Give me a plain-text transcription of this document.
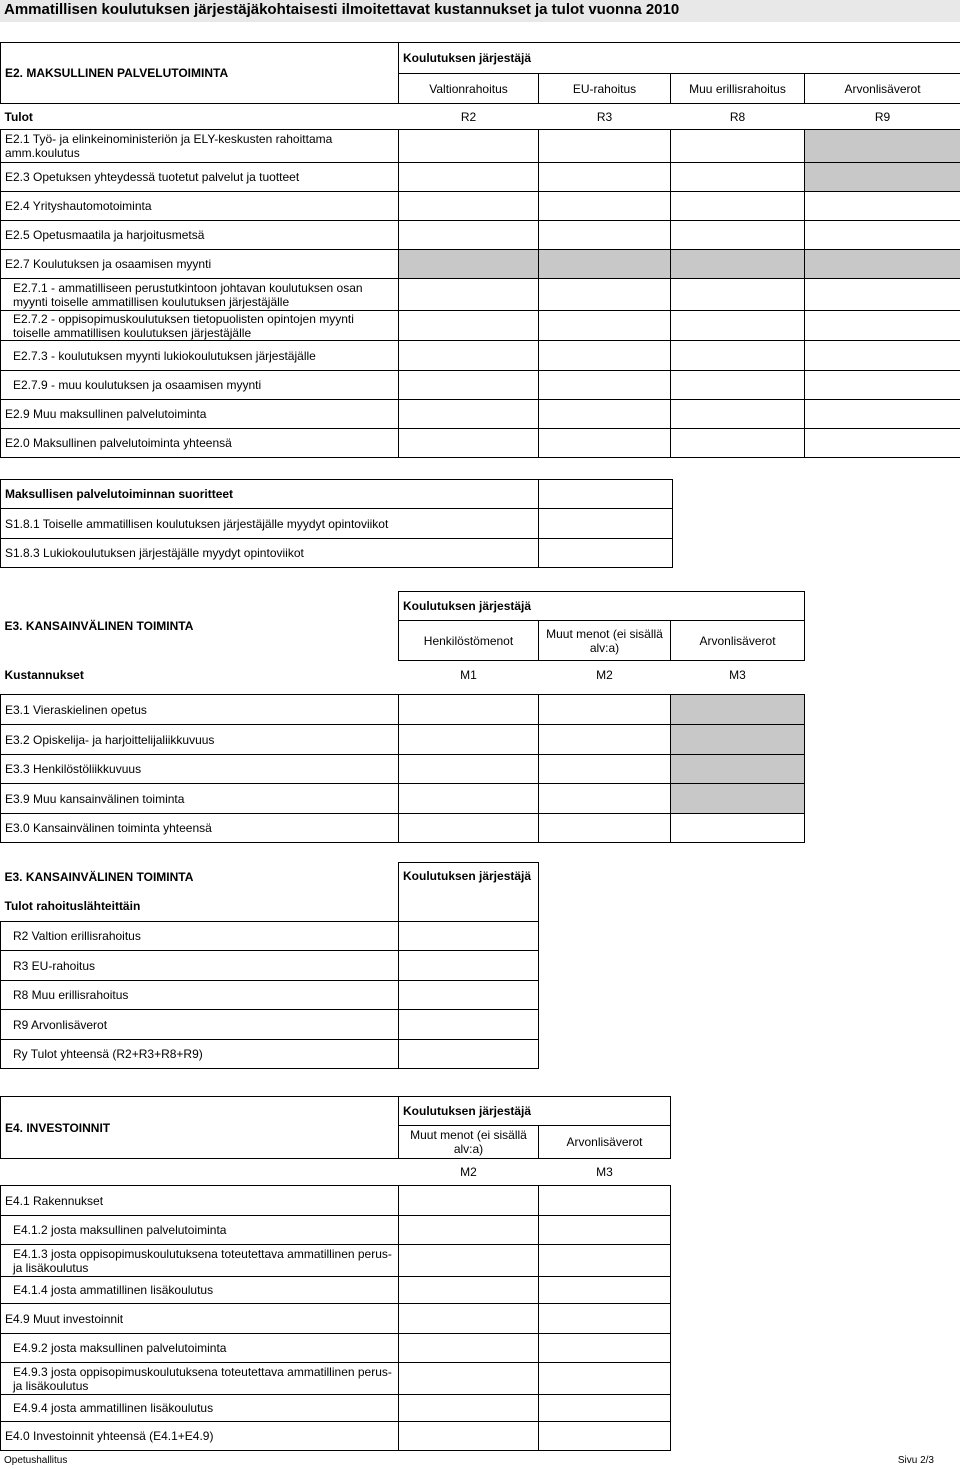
Ammatillisen koulutuksen järjestäjäkohtaisesti ilmoitettavat kustannukset ja tulot vuonna 2010
E2. MAKSULLINEN PALVELUTOIMINTA	Koulutuksen järjestäjä			
	Valtionrahoitus	EU-rahoitus	Muu erillisrahoitus	Arvonlisäverot
Tulot	R2	R3	R8	R9
E2.1 Työ- ja elinkeinoministeriön ja ELY-keskusten rahoittama amm.koulutus				
E2.3 Opetuksen yhteydessä tuotetut palvelut ja tuotteet				
E2.4 Yrityshautomotoiminta				
E2.5 Opetusmaatila ja harjoitusmetsä				
E2.7 Koulutuksen ja osaamisen myynti				
E2.7.1 - ammatilliseen perustutkintoon johtavan koulutuksen osan myynti toiselle ammatillisen koulutuksen järjestäjälle				
E2.7.2 - oppisopimuskoulutuksen tietopuolisten opintojen myynti toiselle ammatillisen koulutuksen järjestäjälle				
E2.7.3 - koulutuksen myynti lukiokoulutuksen järjestäjälle				
E2.7.9 - muu koulutuksen ja osaamisen myynti				
E2.9 Muu maksullinen palvelutoiminta				
E2.0 Maksullinen palvelutoiminta yhteensä				
Maksullisen palvelutoiminnan suoritteet	
S1.8.1 Toiselle ammatillisen koulutuksen järjestäjälle myydyt opintoviikot	
S1.8.3 Lukiokoulutuksen järjestäjälle myydyt opintoviikot	
E3. KANSAINVÄLINEN TOIMINTA	Koulutuksen järjestäjä		
	Henkilöstömenot	Muut menot (ei sisällä alv:a)	Arvonlisäverot
Kustannukset	M1	M2	M3

E3.1 Vieraskielinen opetus			
E3.2 Opiskelija- ja harjoittelijaliikkuvuus			
E3.3 Henkilöstöliikkuvuus			
E3.9 Muu kansainvälinen toiminta			
E3.0 Kansainvälinen toiminta yhteensä			
E3. KANSAINVÄLINEN TOIMINTA	Koulutuksen järjestäjä
Tulot rahoituslähteittäin	
R2 Valtion erillisrahoitus	
R3 EU-rahoitus	
R8 Muu erillisrahoitus	
R9 Arvonlisäverot	
Ry Tulot yhteensä (R2+R3+R8+R9)	
E4. INVESTOINNIT	Koulutuksen järjestäjä	
	Muut menot (ei sisällä alv:a)	Arvonlisäverot
	M2	M3
E4.1 Rakennukset		
E4.1.2 josta maksullinen palvelutoiminta		
E4.1.3 josta oppisopimuskoulutuksena toteutettava ammatillinen perus- ja lisäkoulutus		
E4.1.4 josta ammatillinen lisäkoulutus		
E4.9 Muut investoinnit		
E4.9.2 josta maksullinen palvelutoiminta		
E4.9.3 josta oppisopimuskoulutuksena toteutettava ammatillinen perus- ja lisäkoulutus		
E4.9.4 josta ammatillinen lisäkoulutus		
E4.0 Investoinnit yhteensä (E4.1+E4.9)		
Opetushallitus	Sivu 2/3
